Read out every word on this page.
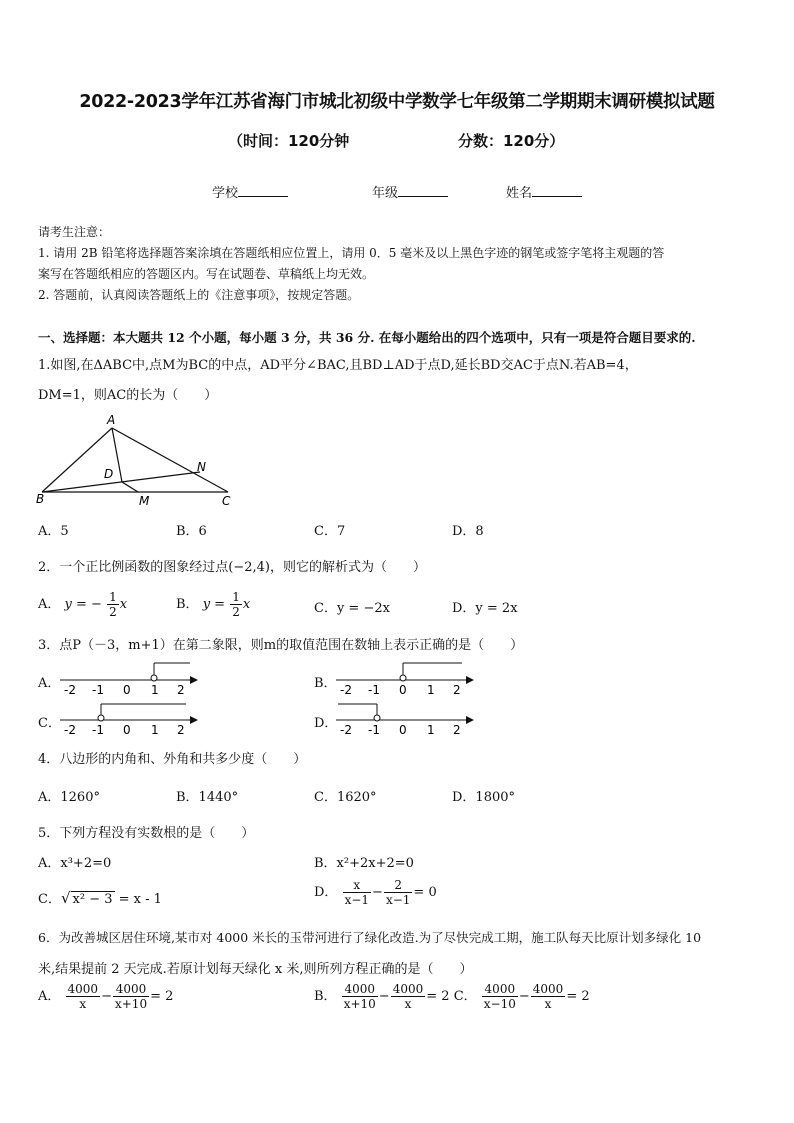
2022-2023学年江苏省海门市城北初级中学数学七年级第二学期期末调研模拟试题
（时间：120分钟	分数：120分）
学校	年级	姓名
请考生注意：
1. 请用 2B 铅笔将选择题答案涂填在答题纸相应位置上，请用 0．5 毫米及以上黑色字迹的钢笔或签字笔将主观题的答
案写在答题纸相应的答题区内。写在试题卷、草稿纸上均无效。
2. 答题前，认真阅读答题纸上的《注意事项》，按规定答题。
一、选择题：本大题共 12 个小题，每小题 3 分，共 36 分. 在每小题给出的四个选项中，只有一项是符合题目要求的.
1.如图,在ΔABC中,点M为BC的中点，AD平分∠BAC,且BD⊥AD于点D,延长BD交AC于点N.若AB=4，
DM=1，则AC的长为（　　）
A
B	C
D
M
N
A．5	B．6	C．7	D．8
2．一个正比例函数的图象经过点(−2,4)，则它的解析式为（　　）
A． y = − $\frac{1}{2}$ x	B． $y = \frac{1}{2}$ x	C．y = −2x	D．y = 2x
3．点P（－3，m+1）在第二象限，则m的取值范围在数轴上表示正确的是（　　）
A．	B．
C．	D．
-2 -1 0 1 2	-2 -1 0 1 2
-2 -1 0 1 2	-2 -1 0 1 2
4．八边形的内角和、外角和共多少度（　　）
A．1260°	B．1440°	C．1620°	D．1800°
5．下列方程没有实数根的是（　　）
A．x³+2=0	B．x²+2x+2=0
C．√ x² − 3 = x - 1	D． $\frac{x}{x-1} - \frac{2}{x-1} = 0$
6．为改善城区居住环境,某市对 4000 米长的玉带河进行了绿化改造.为了尽快完成工期，施工队每天比原计划多绿化 10
米,结果提前 2 天完成.若原计划每天绿化 x 米,则所列方程正确的是（　　）
A． $\frac{4000}{x} - \frac{4000}{x+10} = 2$	B． $\frac{4000}{x+10} - \frac{4000}{x} = 2$ C． $\frac{4000}{x-10} - \frac{4000}{x} = 2$
